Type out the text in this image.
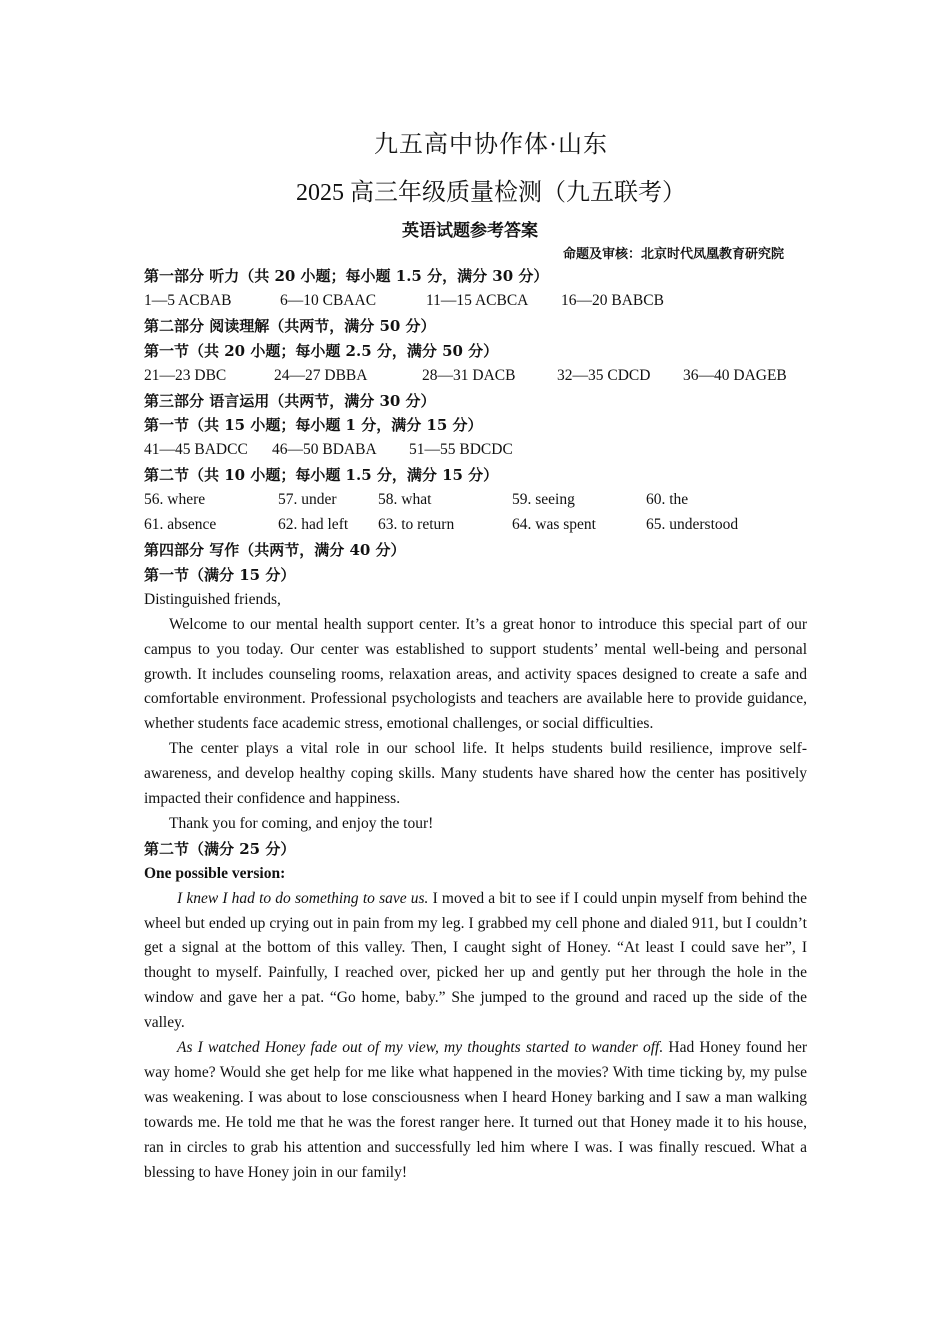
九五高中协作体·山东
2025 高三年级质量检测（九五联考）
英语试题参考答案
命题及审核：北京时代凤凰教育研究院
第一部分 听力（共 20 小题；每小题 1.5 分，满分 30 分）
1—5 ACBAB	6—10 CBAAC	11—15 ACBCA	16—20 BABCB
第二部分 阅读理解（共两节，满分 50 分）
第一节（共 20 小题；每小题 2.5 分，满分 50 分）
21—23 DBC	24—27 DBBA	28—31 DACB	32—35 CDCD	36—40 DAGEB
第三部分 语言运用（共两节，满分 30 分）
第一节（共 15 小题；每小题 1 分，满分 15 分）
41—45 BADCC	46—50 BDABA	51—55 BDCDC
第二节（共 10 小题；每小题 1.5 分，满分 15 分）
56. where	57. under	58. what	59. seeing	60. the
61. absence	62. had left	63. to return	64. was spent	65. understood
第四部分 写作（共两节，满分 40 分）
第一节（满分 15 分）
Distinguished friends,
Welcome to our mental health support center. It’s a great honor to introduce this special part of our campus to you today. Our center was established to support students’ mental well-being and personal growth. It includes counseling rooms, relaxation areas, and activity spaces designed to create a safe and comfortable environment. Professional psychologists and teachers are available here to provide guidance, whether students face academic stress, emotional challenges, or social difficulties.
The center plays a vital role in our school life. It helps students build resilience, improve self-awareness, and develop healthy coping skills. Many students have shared how the center has positively impacted their confidence and happiness.
Thank you for coming, and enjoy the tour!
第二节（满分 25 分）
One possible version:
I knew I had to do something to save us. I moved a bit to see if I could unpin myself from behind the wheel but ended up crying out in pain from my leg. I grabbed my cell phone and dialed 911, but I couldn’t get a signal at the bottom of this valley. Then, I caught sight of Honey. “At least I could save her”, I thought to myself. Painfully, I reached over, picked her up and gently put her through the hole in the window and gave her a pat. “Go home, baby.” She jumped to the ground and raced up the side of the valley.
As I watched Honey fade out of my view, my thoughts started to wander off. Had Honey found her way home? Would she get help for me like what happened in the movies? With time ticking by, my pulse was weakening. I was about to lose consciousness when I heard Honey barking and I saw a man walking towards me. He told me that he was the forest ranger here. It turned out that Honey made it to his house, ran in circles to grab his attention and successfully led him where I was. I was finally rescued. What a blessing to have Honey join in our family!
